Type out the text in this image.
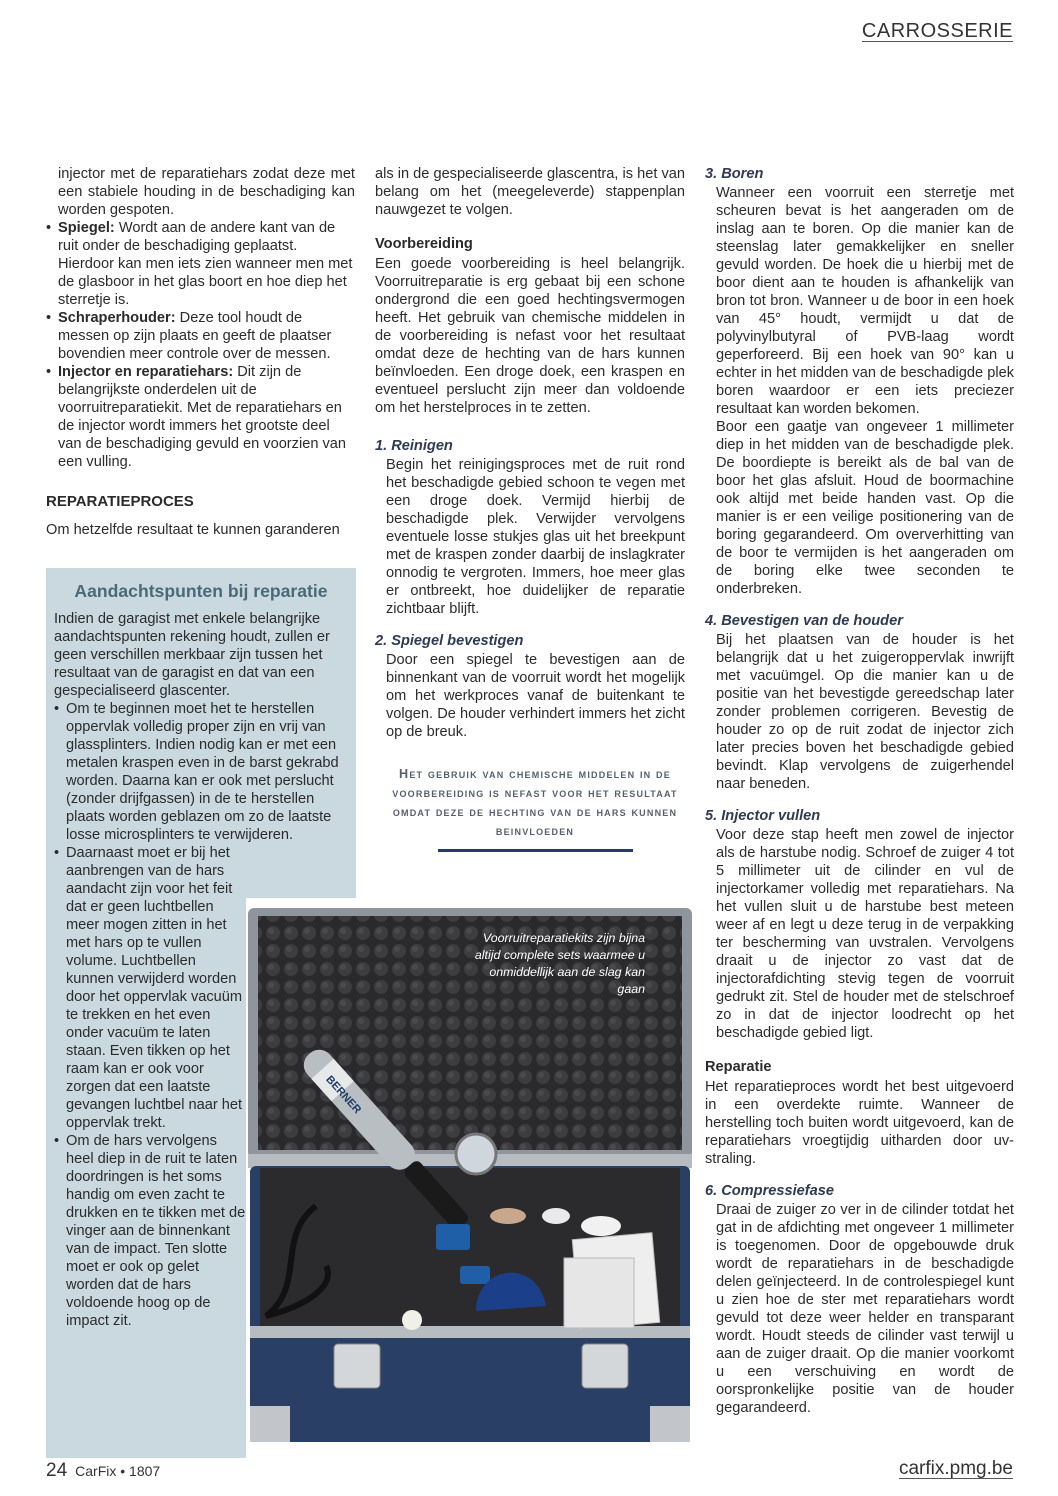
CARROSSERIE

injector met de reparatiehars zodat deze met een stabiele houding in de beschadiging kan worden gespoten.

• Spiegel: Wordt aan de andere kant van de ruit onder de beschadiging geplaatst. Hierdoor kan men iets zien wanneer men met de glasboor in het glas boort en hoe diep het sterretje is.

• Schraperhouder: Deze tool houdt de messen op zijn plaats en geeft de plaatser bovendien meer controle over de messen.

• Injector en reparatiehars: Dit zijn de belangrijkste onderdelen uit de voorruitreparatiekit. Met de reparatiehars en de injector wordt immers het grootste deel van de beschadiging gevuld en voorzien van een vulling.

REPARATIEPROCES

Om hetzelfde resultaat te kunnen garanderen

Aandachtspunten bij reparatie

Indien de garagist met enkele belangrijke aandachtspunten rekening houdt, zullen er geen verschillen merkbaar zijn tussen het resultaat van de garagist en dat van een gespecialiseerd glascenter.

• Om te beginnen moet het te herstellen oppervlak volledig proper zijn en vrij van glassplinters. Indien nodig kan er met een metalen kraspen even in de barst gekrabd worden. Daarna kan er ook met perslucht (zonder drijfgassen) in de te herstellen plaats worden geblazen om zo de laatste losse microsplinters te verwijderen.

• Daarnaast moet er bij het aanbrengen van de hars aandacht zijn voor het feit dat er geen luchtbellen meer mogen zitten in het met hars op te vullen volume. Luchtbellen kunnen verwijderd worden door het oppervlak vacuüm te trekken en het even onder vacuüm te laten staan. Even tikken op het raam kan er ook voor zorgen dat een laatste gevangen luchtbel naar het oppervlak trekt.

• Om de hars vervolgens heel diep in de ruit te laten doordringen is het soms handig om even zacht te drukken en te tikken met de vinger aan de binnenkant van de impact. Ten slotte moet er ook op gelet worden dat de hars voldoende hoog op de impact zit.

als in de gespecialiseerde glascentra, is het van belang om het (meegeleverde) stappenplan nauwgezet te volgen.

Voorbereiding

Een goede voorbereiding is heel belangrijk. Voorruitreparatie is erg gebaat bij een schone ondergrond die een goed hechtingsvermogen heeft. Het gebruik van chemische middelen in de voorbereiding is nefast voor het resultaat omdat deze de hechting van de hars kunnen beïnvloeden. Een droge doek, een kraspen en eventueel perslucht zijn meer dan voldoende om het herstelproces in te zetten.

1. Reinigen

Begin het reinigingsproces met de ruit rond het beschadigde gebied schoon te vegen met een droge doek. Vermijd hierbij de beschadigde plek. Verwijder vervolgens eventuele losse stukjes glas uit het breekpunt met de kraspen zonder daarbij de inslagkrater onnodig te vergroten. Immers, hoe meer glas er ontbreekt, hoe duidelijker de reparatie zichtbaar blijft.

2. Spiegel bevestigen

Door een spiegel te bevestigen aan de binnenkant van de voorruit wordt het mogelijk om het werkproces vanaf de buitenkant te volgen. De houder verhindert immers het zicht op de breuk.

Het gebruik van chemische middelen in de voorbereiding is nefast voor het resultaat omdat deze de hechting van de hars kunnen beinvloeden
3. Boren

Wanneer een voorruit een sterretje met scheuren bevat is het aangeraden om de inslag aan te boren. Op die manier kan de steenslag later gemakkelijker en sneller gevuld worden. De hoek die u hierbij met de boor dient aan te houden is afhankelijk van bron tot bron. Wanneer u de boor in een hoek van 45° houdt, vermijdt u dat de polyvinylbutyral of PVB-laag wordt geperforeerd. Bij een hoek van 90° kan u echter in het midden van de beschadigde plek boren waardoor er een iets preciezer resultaat kan worden bekomen.

Boor een gaatje van ongeveer 1 millimeter diep in het midden van de beschadigde plek. De boordiepte is bereikt als de bal van de boor het glas afsluit. Houd de boormachine ook altijd met beide handen vast. Op die manier is er een veilige positionering van de boring gegarandeerd. Om oververhitting van de boor te vermijden is het aangeraden om de boring elke twee seconden te onderbreken.

4. Bevestigen van de houder

Bij het plaatsen van de houder is het belangrijk dat u het zuigeroppervlak inwrijft met vacuümgel. Op die manier kan u de positie van het bevestigde gereedschap later zonder problemen corrigeren. Bevestig de houder zo op de ruit zodat de injector zich later precies boven het beschadigde gebied bevindt. Klap vervolgens de zuigerhendel naar beneden.

5. Injector vullen

Voor deze stap heeft men zowel de injector als de harstube nodig. Schroef de zuiger 4 tot 5 millimeter uit de cilinder en vul de injectorkamer volledig met reparatiehars. Na het vullen sluit u de harstube best meteen weer af en legt u deze terug in de verpakking ter bescherming van uvstralen. Vervolgens draait u de injector zo vast dat de injectorafdichting stevig tegen de voorruit gedrukt zit. Stel de houder met de stelschroef zo in dat de injector loodrecht op het beschadigde gebied ligt.

Reparatie

Het reparatieproces wordt het best uitgevoerd in een overdekte ruimte. Wanneer de herstelling toch buiten wordt uitgevoerd, kan de reparatiehars vroegtijdig uitharden door uv-straling.

6. Compressiefase

Draai de zuiger zo ver in de cilinder totdat het gat in de afdichting met ongeveer 1 millimeter is toegenomen. Door de opgebouwde druk wordt de reparatiehars in de beschadigde delen geïnjecteerd. In de controlespiegel kunt u zien hoe de ster met reparatiehars wordt gevuld tot deze weer helder en transparant wordt. Houdt steeds de cilinder vast terwijl u aan de zuiger draait. Op die manier voorkomt u een verschuiving en wordt de oorspronkelijke positie van de houder gegarandeerd.

BERNER
Voorruitreparatiekits zijn bijna altijd complete sets waarmee u onmiddellijk aan de slag kan gaan
24 CarFix • 1807	carfix.pmg.be
